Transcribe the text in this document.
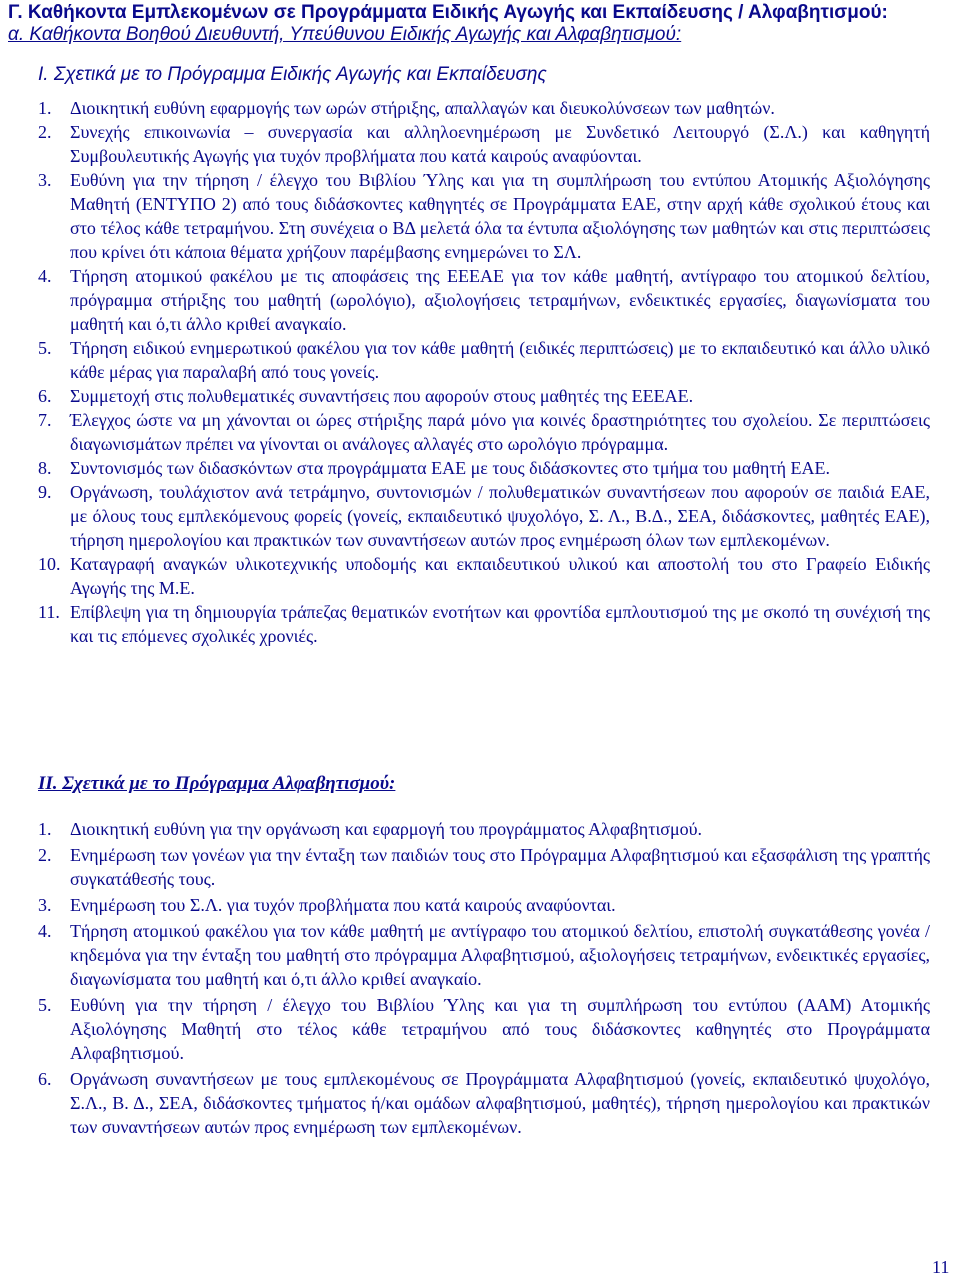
Γ. Καθήκοντα Εμπλεκομένων σε Προγράμματα Ειδικής Αγωγής και Εκπαίδευσης / Αλφαβητισμού:
α. Καθήκοντα Βοηθού Διευθυντή, Υπεύθυνου Ειδικής Αγωγής και Αλφαβητισμού:
Ι. Σχετικά με το Πρόγραμμα Ειδικής Αγωγής και Εκπαίδευσης
1. Διοικητική ευθύνη εφαρμογής των ωρών στήριξης, απαλλαγών και διευκολύνσεων των μαθητών.
2. Συνεχής επικοινωνία – συνεργασία και αλληλοενημέρωση με Συνδετικό Λειτουργό (Σ.Λ.) και καθηγητή Συμβουλευτικής Αγωγής για τυχόν προβλήματα που κατά καιρούς αναφύονται.
3. Ευθύνη για την τήρηση / έλεγχο του Βιβλίου Ύλης και για τη συμπλήρωση του εντύπου Ατομικής Αξιολόγησης Μαθητή (ΕΝΤΥΠΟ 2) από τους διδάσκοντες καθηγητές σε Προγράμματα ΕΑΕ, στην αρχή κάθε σχολικού έτους και στο τέλος κάθε τετραμήνου. Στη συνέχεια ο ΒΔ μελετά όλα τα έντυπα αξιολόγησης των μαθητών και στις περιπτώσεις που κρίνει ότι κάποια θέματα χρήζουν παρέμβασης ενημερώνει το ΣΛ.
4. Τήρηση ατομικού φακέλου με τις αποφάσεις της ΕΕΕΑΕ για τον κάθε μαθητή, αντίγραφο του ατομικού δελτίου, πρόγραμμα στήριξης του μαθητή (ωρολόγιο), αξιολογήσεις τετραμήνων, ενδεικτικές εργασίες, διαγωνίσματα του μαθητή και ό,τι άλλο κριθεί αναγκαίο.
5. Τήρηση ειδικού ενημερωτικού φακέλου για τον κάθε μαθητή (ειδικές περιπτώσεις) με το εκπαιδευτικό και άλλο υλικό κάθε μέρας για παραλαβή από τους γονείς.
6. Συμμετοχή στις πολυθεματικές συναντήσεις που αφορούν στους μαθητές της ΕΕΕΑΕ.
7. Έλεγχος ώστε να μη χάνονται οι ώρες στήριξης παρά μόνο για κοινές δραστηριότητες του σχολείου. Σε περιπτώσεις διαγωνισμάτων πρέπει να γίνονται οι ανάλογες αλλαγές στο ωρολόγιο πρόγραμμα.
8. Συντονισμός των διδασκόντων στα προγράμματα ΕΑΕ με τους διδάσκοντες στο τμήμα του μαθητή ΕΑΕ.
9. Οργάνωση, τουλάχιστον ανά τετράμηνο, συντονισμών / πολυθεματικών συναντήσεων που αφορούν σε παιδιά ΕΑΕ, με όλους τους εμπλεκόμενους φορείς (γονείς, εκπαιδευτικό ψυχολόγο, Σ. Λ., Β.Δ., ΣΕΑ, διδάσκοντες, μαθητές ΕΑΕ), τήρηση ημερολογίου και πρακτικών των συναντήσεων αυτών προς ενημέρωση όλων των εμπλεκομένων.
10. Καταγραφή αναγκών υλικοτεχνικής υποδομής και εκπαιδευτικού υλικού και αποστολή του στο Γραφείο Ειδικής Αγωγής της Μ.Ε.
11. Επίβλεψη για τη δημιουργία τράπεζας θεματικών ενοτήτων και φροντίδα εμπλουτισμού της με σκοπό τη συνέχισή της και τις επόμενες σχολικές χρονιές.
ΙΙ. Σχετικά με το Πρόγραμμα Αλφαβητισμού:
1. Διοικητική ευθύνη για την οργάνωση και εφαρμογή του προγράμματος Αλφαβητισμού.
2. Ενημέρωση των γονέων για την ένταξη των παιδιών τους στο Πρόγραμμα Αλφαβητισμού και εξασφάλιση της γραπτής συγκατάθεσής τους.
3. Ενημέρωση του Σ.Λ. για τυχόν προβλήματα που κατά καιρούς αναφύονται.
4. Τήρηση ατομικού φακέλου για τον κάθε μαθητή με αντίγραφο του ατομικού δελτίου, επιστολή συγκατάθεσης γονέα / κηδεμόνα για την ένταξη του μαθητή στο πρόγραμμα Αλφαβητισμού, αξιολογήσεις τετραμήνων, ενδεικτικές εργασίες, διαγωνίσματα του μαθητή και ό,τι άλλο κριθεί αναγκαίο.
5. Ευθύνη για την τήρηση / έλεγχο του Βιβλίου Ύλης και για τη συμπλήρωση του εντύπου (ΑΑΜ) Ατομικής Αξιολόγησης Μαθητή στο τέλος κάθε τετραμήνου από τους διδάσκοντες καθηγητές στο Προγράμματα Αλφαβητισμού.
6. Οργάνωση συναντήσεων με τους εμπλεκομένους σε Προγράμματα Αλφαβητισμού (γονείς, εκπαιδευτικό ψυχολόγο, Σ.Λ., Β. Δ., ΣΕΑ, διδάσκοντες τμήματος ή/και ομάδων αλφαβητισμού, μαθητές), τήρηση ημερολογίου και πρακτικών των συναντήσεων αυτών προς ενημέρωση των εμπλεκομένων.
11
